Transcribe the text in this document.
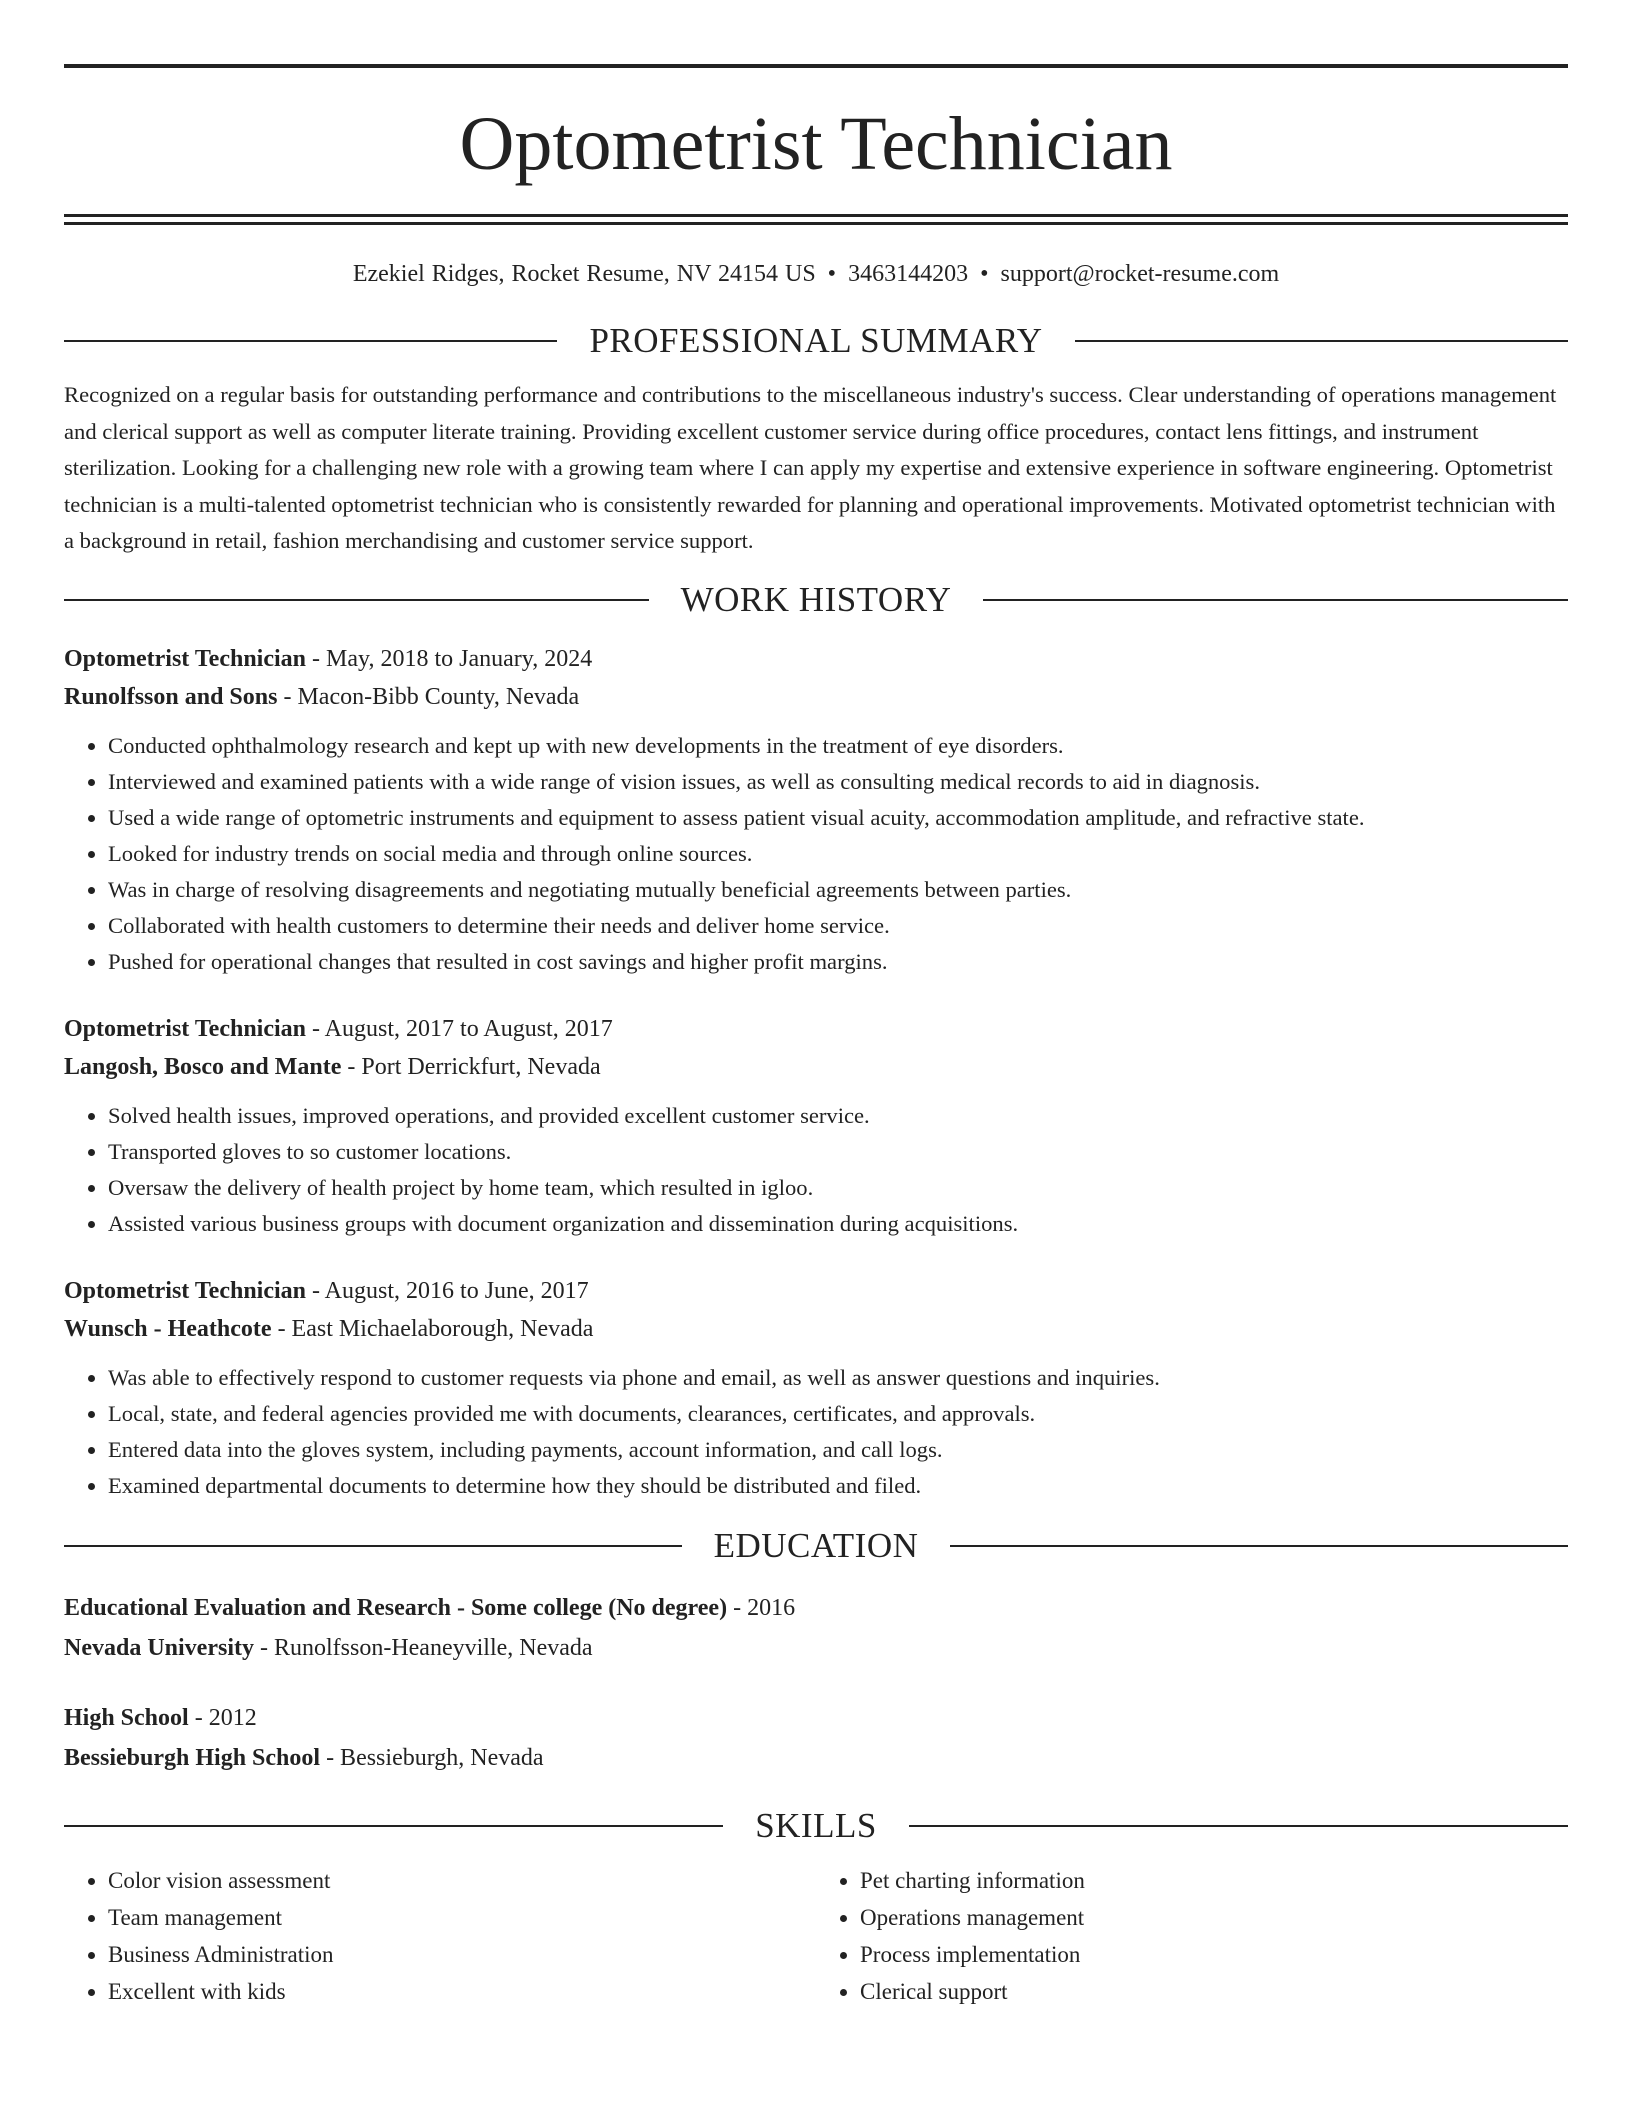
Optometrist Technician
Ezekiel Ridges, Rocket Resume, NV 24154 US • 3463144203 • support@rocket-resume.com
PROFESSIONAL SUMMARY
Recognized on a regular basis for outstanding performance and contributions to the miscellaneous industry's success. Clear understanding of operations management and clerical support as well as computer literate training. Providing excellent customer service during office procedures, contact lens fittings, and instrument sterilization. Looking for a challenging new role with a growing team where I can apply my expertise and extensive experience in software engineering. Optometrist technician is a multi-talented optometrist technician who is consistently rewarded for planning and operational improvements. Motivated optometrist technician with a background in retail, fashion merchandising and customer service support.
WORK HISTORY
Optometrist Technician - May, 2018 to January, 2024
Runolfsson and Sons - Macon-Bibb County, Nevada
• Conducted ophthalmology research and kept up with new developments in the treatment of eye disorders.
• Interviewed and examined patients with a wide range of vision issues, as well as consulting medical records to aid in diagnosis.
• Used a wide range of optometric instruments and equipment to assess patient visual acuity, accommodation amplitude, and refractive state.
• Looked for industry trends on social media and through online sources.
• Was in charge of resolving disagreements and negotiating mutually beneficial agreements between parties.
• Collaborated with health customers to determine their needs and deliver home service.
• Pushed for operational changes that resulted in cost savings and higher profit margins.
Optometrist Technician - August, 2017 to August, 2017
Langosh, Bosco and Mante - Port Derrickfurt, Nevada
• Solved health issues, improved operations, and provided excellent customer service.
• Transported gloves to so customer locations.
• Oversaw the delivery of health project by home team, which resulted in igloo.
• Assisted various business groups with document organization and dissemination during acquisitions.
Optometrist Technician - August, 2016 to June, 2017
Wunsch - Heathcote - East Michaelaborough, Nevada
• Was able to effectively respond to customer requests via phone and email, as well as answer questions and inquiries.
• Local, state, and federal agencies provided me with documents, clearances, certificates, and approvals.
• Entered data into the gloves system, including payments, account information, and call logs.
• Examined departmental documents to determine how they should be distributed and filed.
EDUCATION
Educational Evaluation and Research - Some college (No degree) - 2016
Nevada University - Runolfsson-Heaneyville, Nevada
High School - 2012
Bessieburgh High School - Bessieburgh, Nevada
SKILLS
• Color vision assessment
• Team management
• Business Administration
• Excellent with kids
• Pet charting information
• Operations management
• Process implementation
• Clerical support
